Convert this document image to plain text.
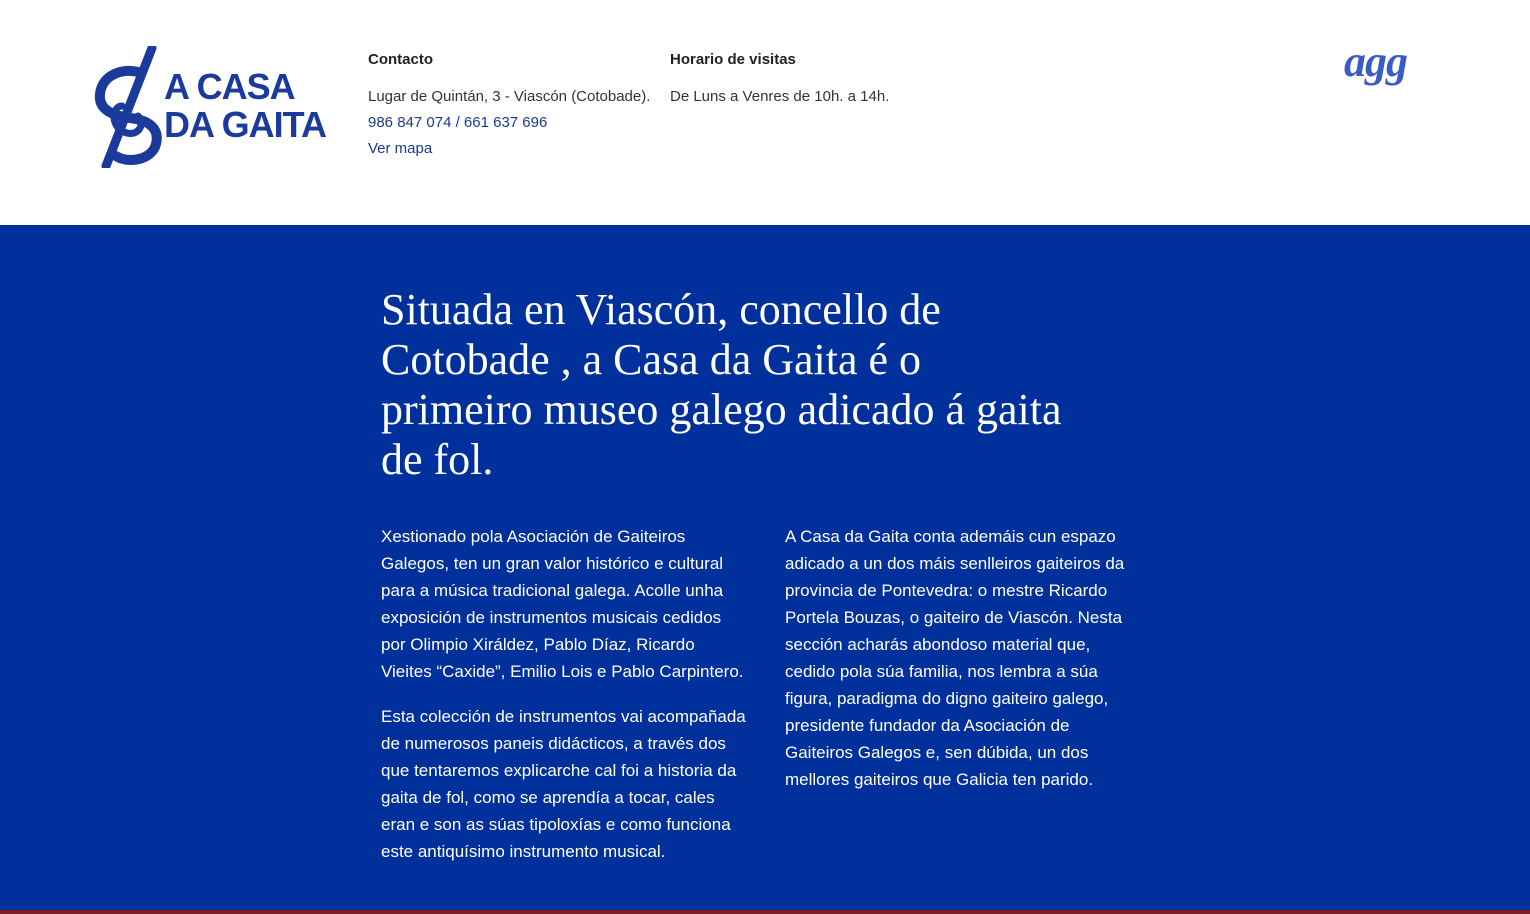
A CASA
DA GAITA
Contacto
Lugar de Quintán, 3 - Viascón (Cotobade).
986 847 074 / 661 637 696
Ver mapa
Horario de visitas
De Luns a Venres de 10h. a 14h.
agg
Situada en Viascón, concello de Cotobade , a Casa da Gaita é o primeiro museo galego adicado á gaita de fol.

Xestionado pola Asociación de Gaiteiros Galegos, ten un gran valor histórico e cultural para a música tradicional galega. Acolle unha exposición de instrumentos musicais cedidos por Olimpio Xiráldez, Pablo Díaz, Ricardo Vieites “Caxide”, Emilio Lois e Pablo Carpintero.

Esta colección de instrumentos vai acompañada de numerosos paneis didácticos, a través dos que tentaremos explicarche cal foi a historia da gaita de fol, como se aprendía a tocar, cales eran e son as súas tipoloxías e como funciona este antiquísimo instrumento musical.

A Casa da Gaita conta ademáis cun espazo adicado a un dos máis senlleiros gaiteiros da provincia de Pontevedra: o mestre Ricardo Portela Bouzas, o gaiteiro de Viascón. Nesta sección acharás abondoso material que, cedido pola súa familia, nos lembra a súa figura, paradigma do digno gaiteiro galego, presidente fundador da Asociación de Gaiteiros Galegos e, sen dúbida, un dos mellores gaiteiros que Galicia ten parido.
